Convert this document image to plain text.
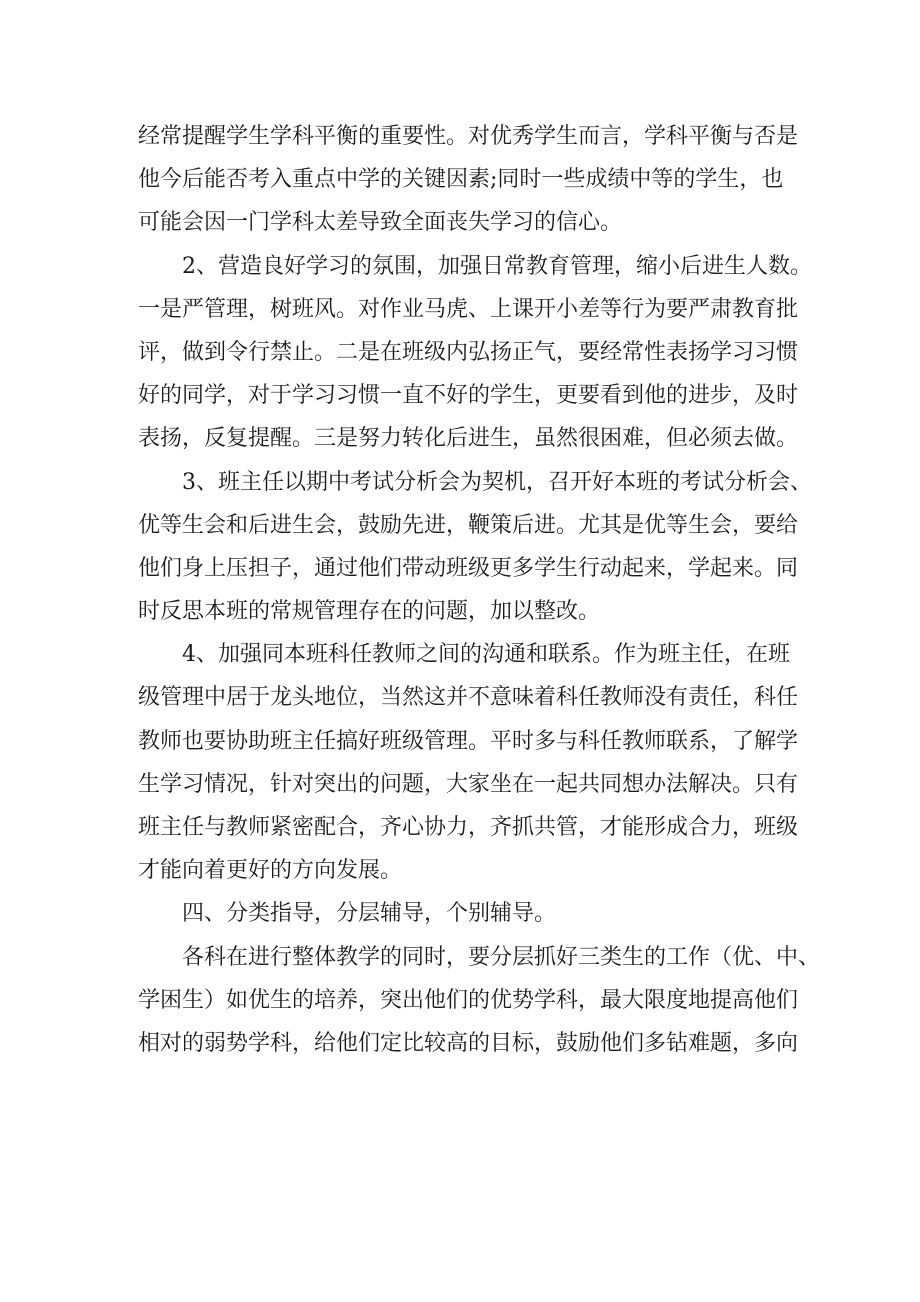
经常提醒学生学科平衡的重要性。对优秀学生而言，学科平衡与否是
他今后能否考入重点中学的关键因素;同时一些成绩中等的学生，也
可能会因一门学科太差导致全面丧失学习的信心。
2、营造良好学习的氛围，加强日常教育管理，缩小后进生人数。
一是严管理，树班风。对作业马虎、上课开小差等行为要严肃教育批
评，做到令行禁止。二是在班级内弘扬正气，要经常性表扬学习习惯
好的同学，对于学习习惯一直不好的学生，更要看到他的进步，及时
表扬，反复提醒。三是努力转化后进生，虽然很困难，但必须去做。
3、班主任以期中考试分析会为契机，召开好本班的考试分析会、
优等生会和后进生会，鼓励先进，鞭策后进。尤其是优等生会，要给
他们身上压担子，通过他们带动班级更多学生行动起来，学起来。同
时反思本班的常规管理存在的问题，加以整改。
4、加强同本班科任教师之间的沟通和联系。作为班主任，在班
级管理中居于龙头地位，当然这并不意味着科任教师没有责任，科任
教师也要协助班主任搞好班级管理。平时多与科任教师联系，了解学
生学习情况，针对突出的问题，大家坐在一起共同想办法解决。只有
班主任与教师紧密配合，齐心协力，齐抓共管，才能形成合力，班级
才能向着更好的方向发展。
四、分类指导，分层辅导，个别辅导。
各科在进行整体教学的同时，要分层抓好三类生的工作（优、中、
学困生）如优生的培养，突出他们的优势学科，最大限度地提高他们
相对的弱势学科，给他们定比较高的目标，鼓励他们多钻难题，多向
